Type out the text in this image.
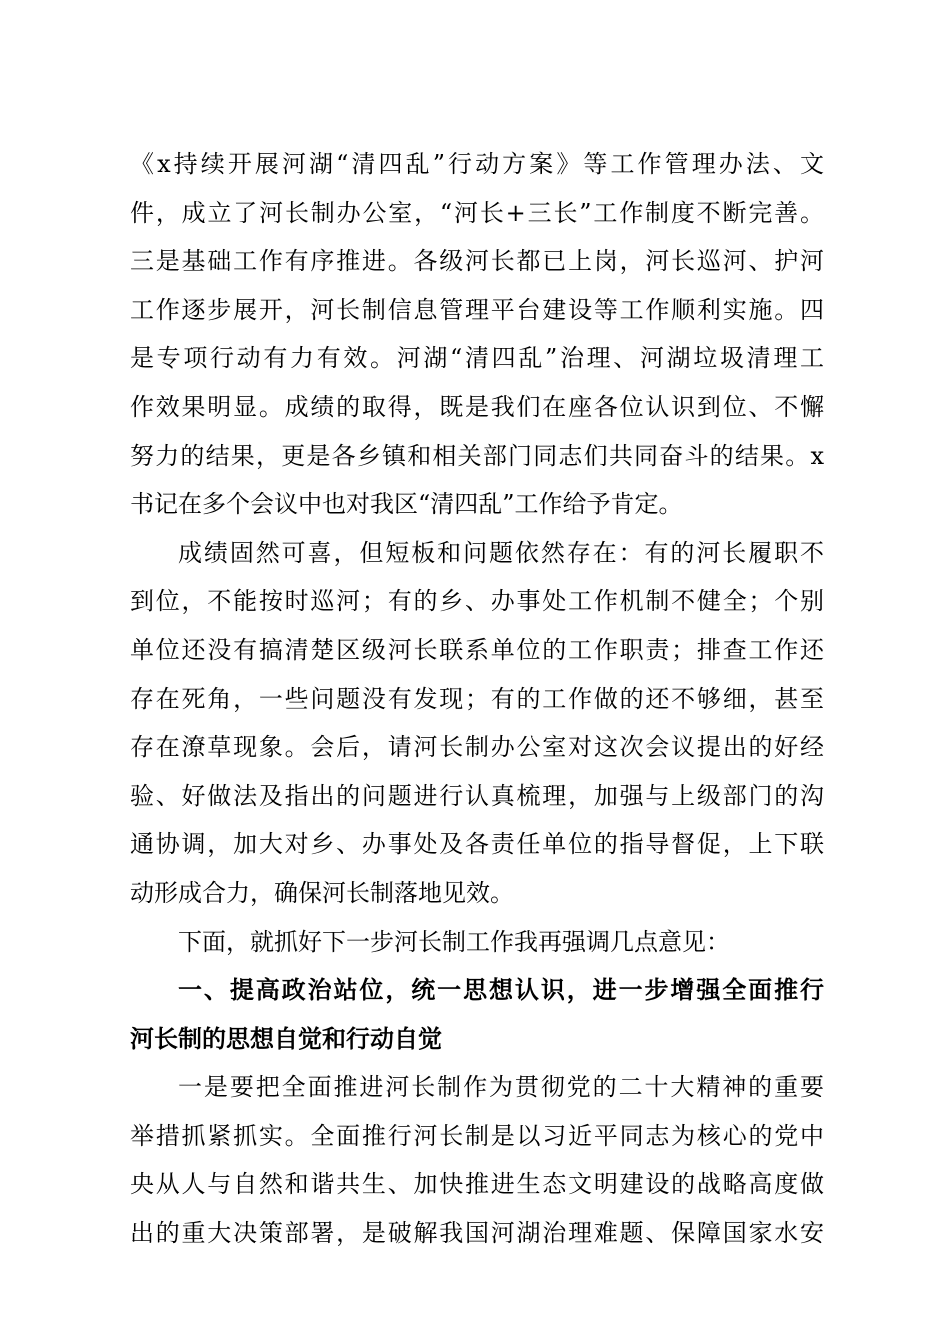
《x持续开展河湖“清四乱”行动方案》等工作管理办法、文
件，成立了河长制办公室，“河长+三长”工作制度不断完善。
三是基础工作有序推进。各级河长都已上岗，河长巡河、护河
工作逐步展开，河长制信息管理平台建设等工作顺利实施。四
是专项行动有力有效。河湖“清四乱”治理、河湖垃圾清理工
作效果明显。成绩的取得，既是我们在座各位认识到位、不懈
努力的结果，更是各乡镇和相关部门同志们共同奋斗的结果。x
书记在多个会议中也对我区“清四乱”工作给予肯定。
成绩固然可喜，但短板和问题依然存在：有的河长履职不
到位，不能按时巡河；有的乡、办事处工作机制不健全；个别
单位还没有搞清楚区级河长联系单位的工作职责；排查工作还
存在死角，一些问题没有发现；有的工作做的还不够细，甚至
存在潦草现象。会后，请河长制办公室对这次会议提出的好经
验、好做法及指出的问题进行认真梳理，加强与上级部门的沟
通协调，加大对乡、办事处及各责任单位的指导督促，上下联
动形成合力，确保河长制落地见效。
下面，就抓好下一步河长制工作我再强调几点意见：
一、提高政治站位，统一思想认识，进一步增强全面推行
河长制的思想自觉和行动自觉
一是要把全面推进河长制作为贯彻党的二十大精神的重要
举措抓紧抓实。全面推行河长制是以习近平同志为核心的党中
央从人与自然和谐共生、加快推进生态文明建设的战略高度做
出的重大决策部署，是破解我国河湖治理难题、保障国家水安
